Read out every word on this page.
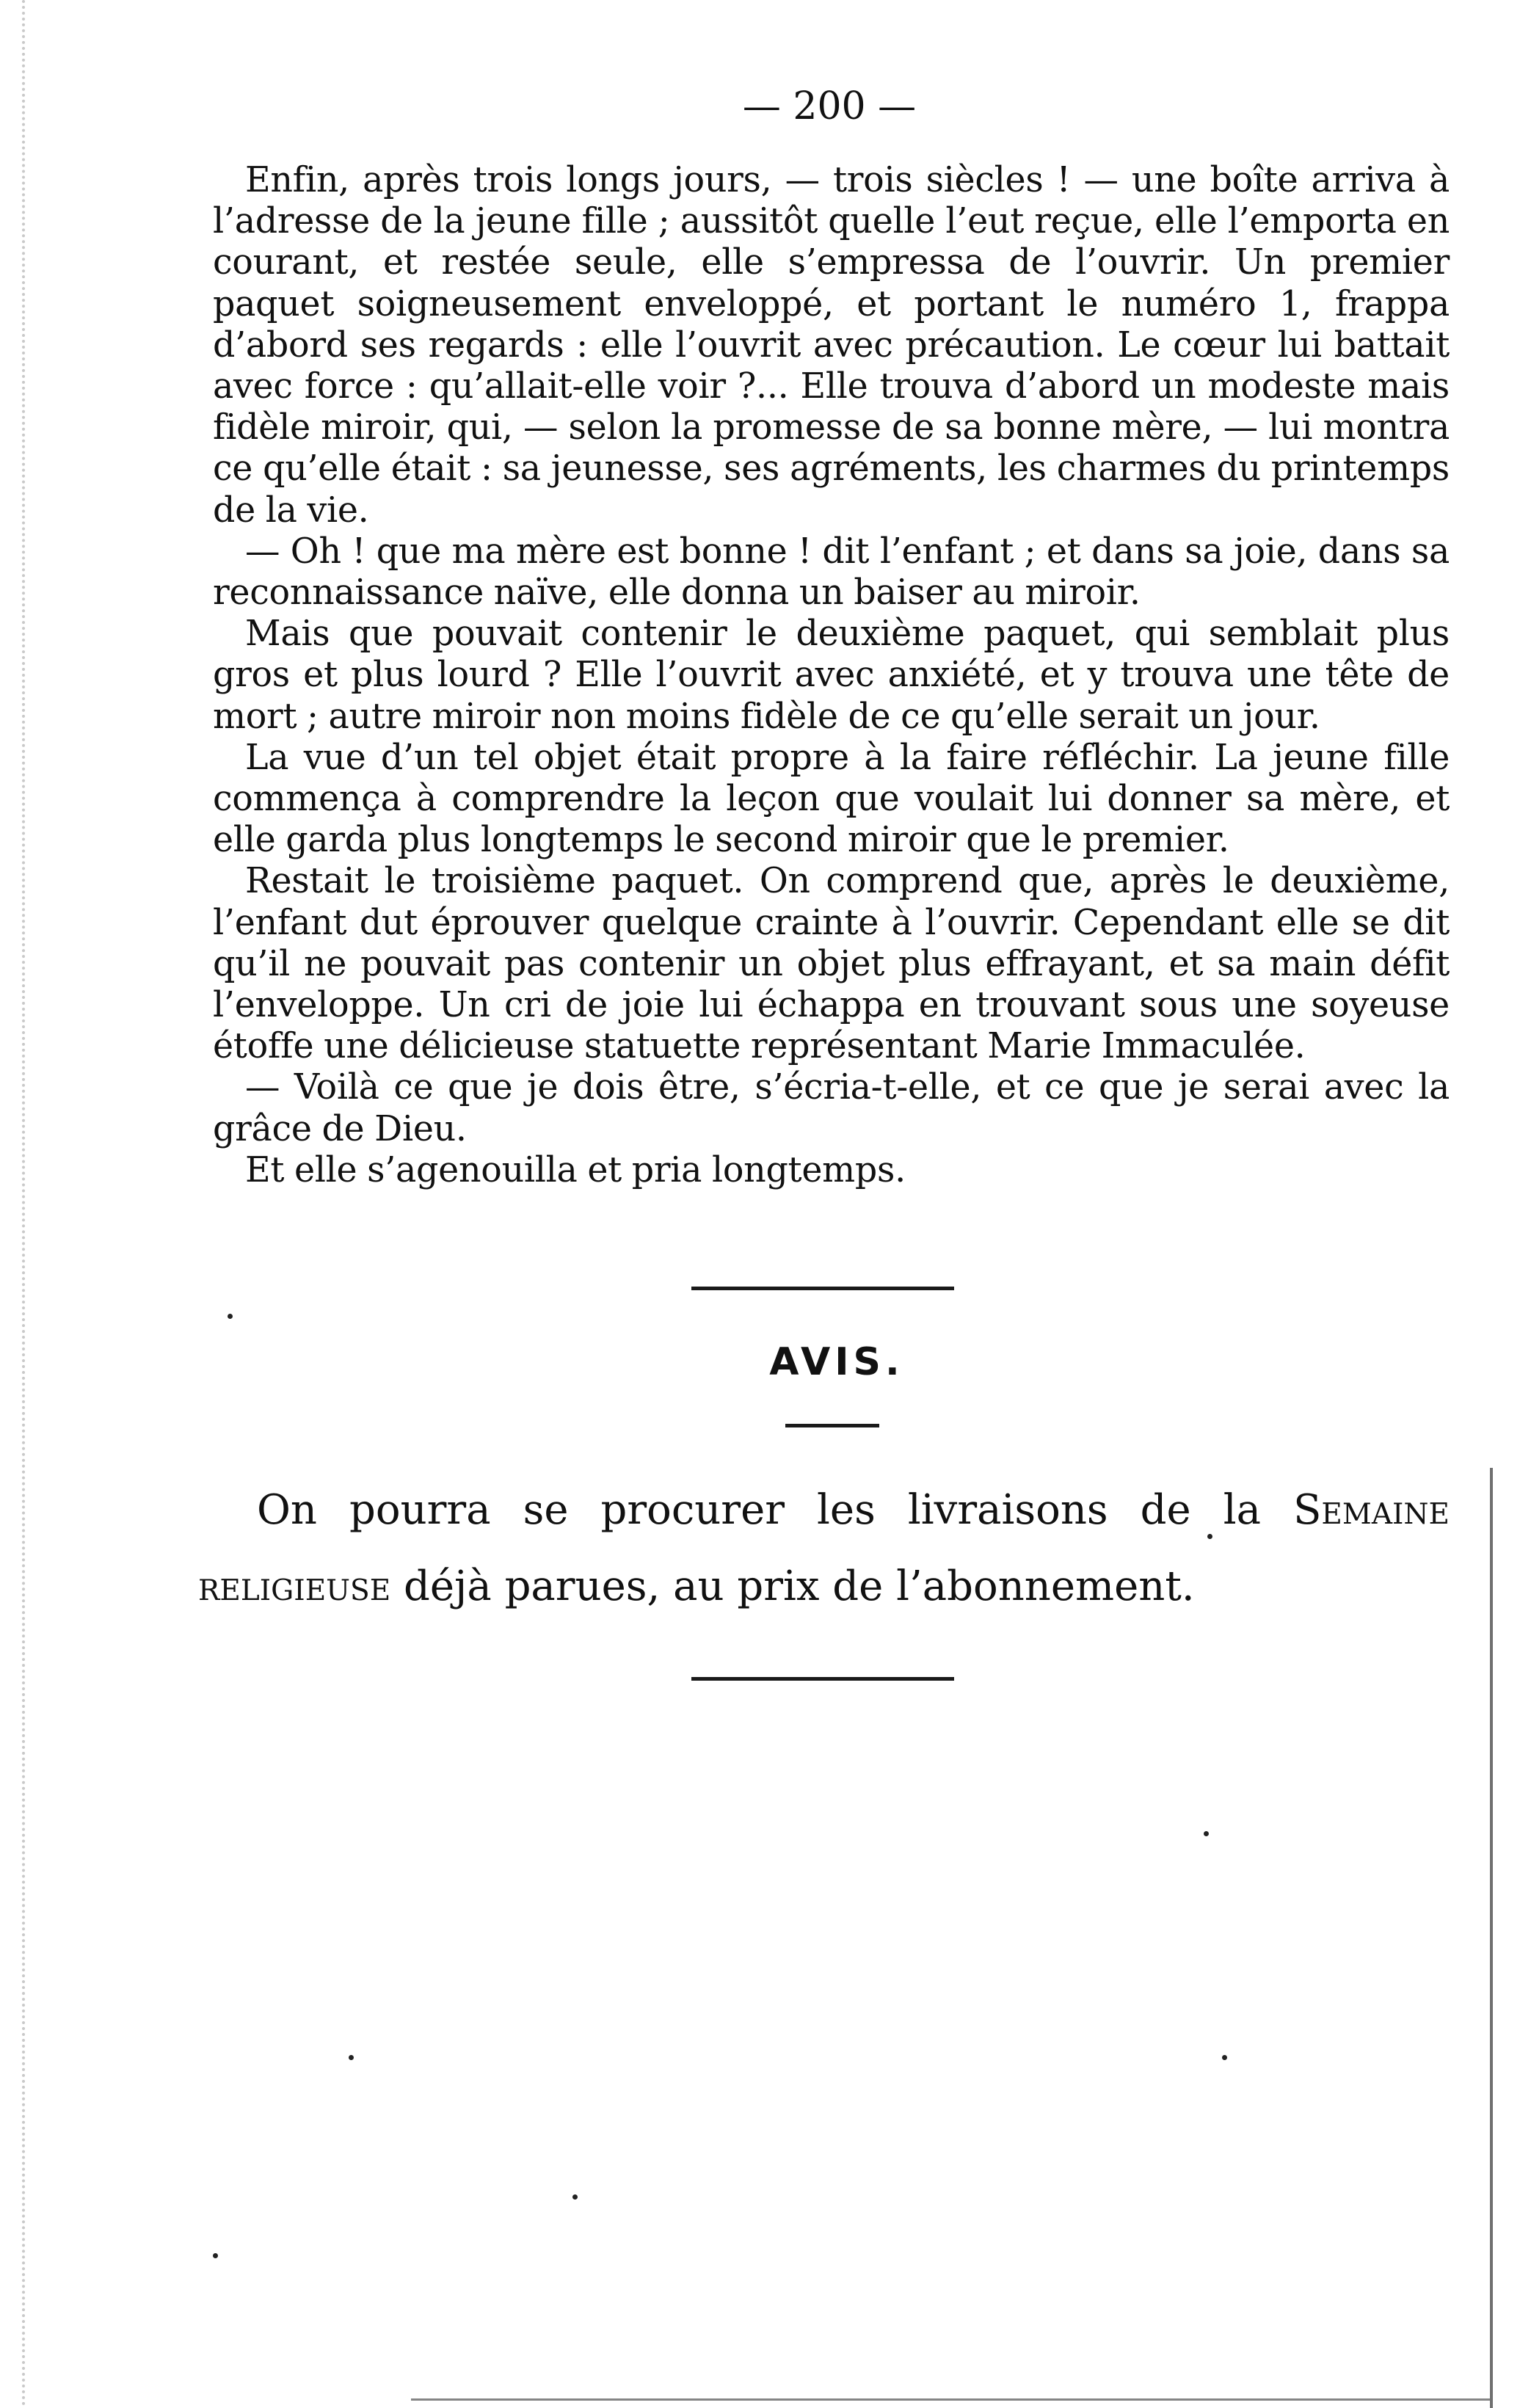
— 200 —

Enfin, après trois longs jours, — trois siècles ! — une boîte arriva à l’adresse de la jeune fille ; aussitôt quelle l’eut reçue, elle l’emporta en courant, et restée seule, elle s’empressa de l’ouvrir. Un premier paquet soigneusement enveloppé, et portant le numéro 1, frappa d’abord ses regards : elle l’ouvrit avec précaution. Le cœur lui battait avec force : qu’allait-elle voir ?... Elle trouva d’abord un modeste mais fidèle miroir, qui, — selon la promesse de sa bonne mère, — lui montra ce qu’elle était : sa jeunesse, ses agréments, les charmes du printemps de la vie.

— Oh ! que ma mère est bonne ! dit l’enfant ; et dans sa joie, dans sa reconnaissance naïve, elle donna un baiser au miroir.

Mais que pouvait contenir le deuxième paquet, qui semblait plus gros et plus lourd ? Elle l’ouvrit avec anxiété, et y trouva une tête de mort ; autre miroir non moins fidèle de ce qu’elle serait un jour.

La vue d’un tel objet était propre à la faire réfléchir. La jeune fille commença à comprendre la leçon que voulait lui donner sa mère, et elle garda plus longtemps le second miroir que le premier.

Restait le troisième paquet. On comprend que, après le deuxième, l’enfant dut éprouver quelque crainte à l’ouvrir. Cependant elle se dit qu’il ne pouvait pas contenir un objet plus effrayant, et sa main défit l’enveloppe. Un cri de joie lui échappa en trouvant sous une soyeuse étoffe une délicieuse statuette représentant Marie Immaculée.

— Voilà ce que je dois être, s’écria-t-elle, et ce que je serai avec la grâce de Dieu.

Et elle s’agenouilla et pria longtemps.

AVIS.

On pourra se procurer les livraisons de la Semaine religieuse déjà parues, au prix de l’abonnement.
